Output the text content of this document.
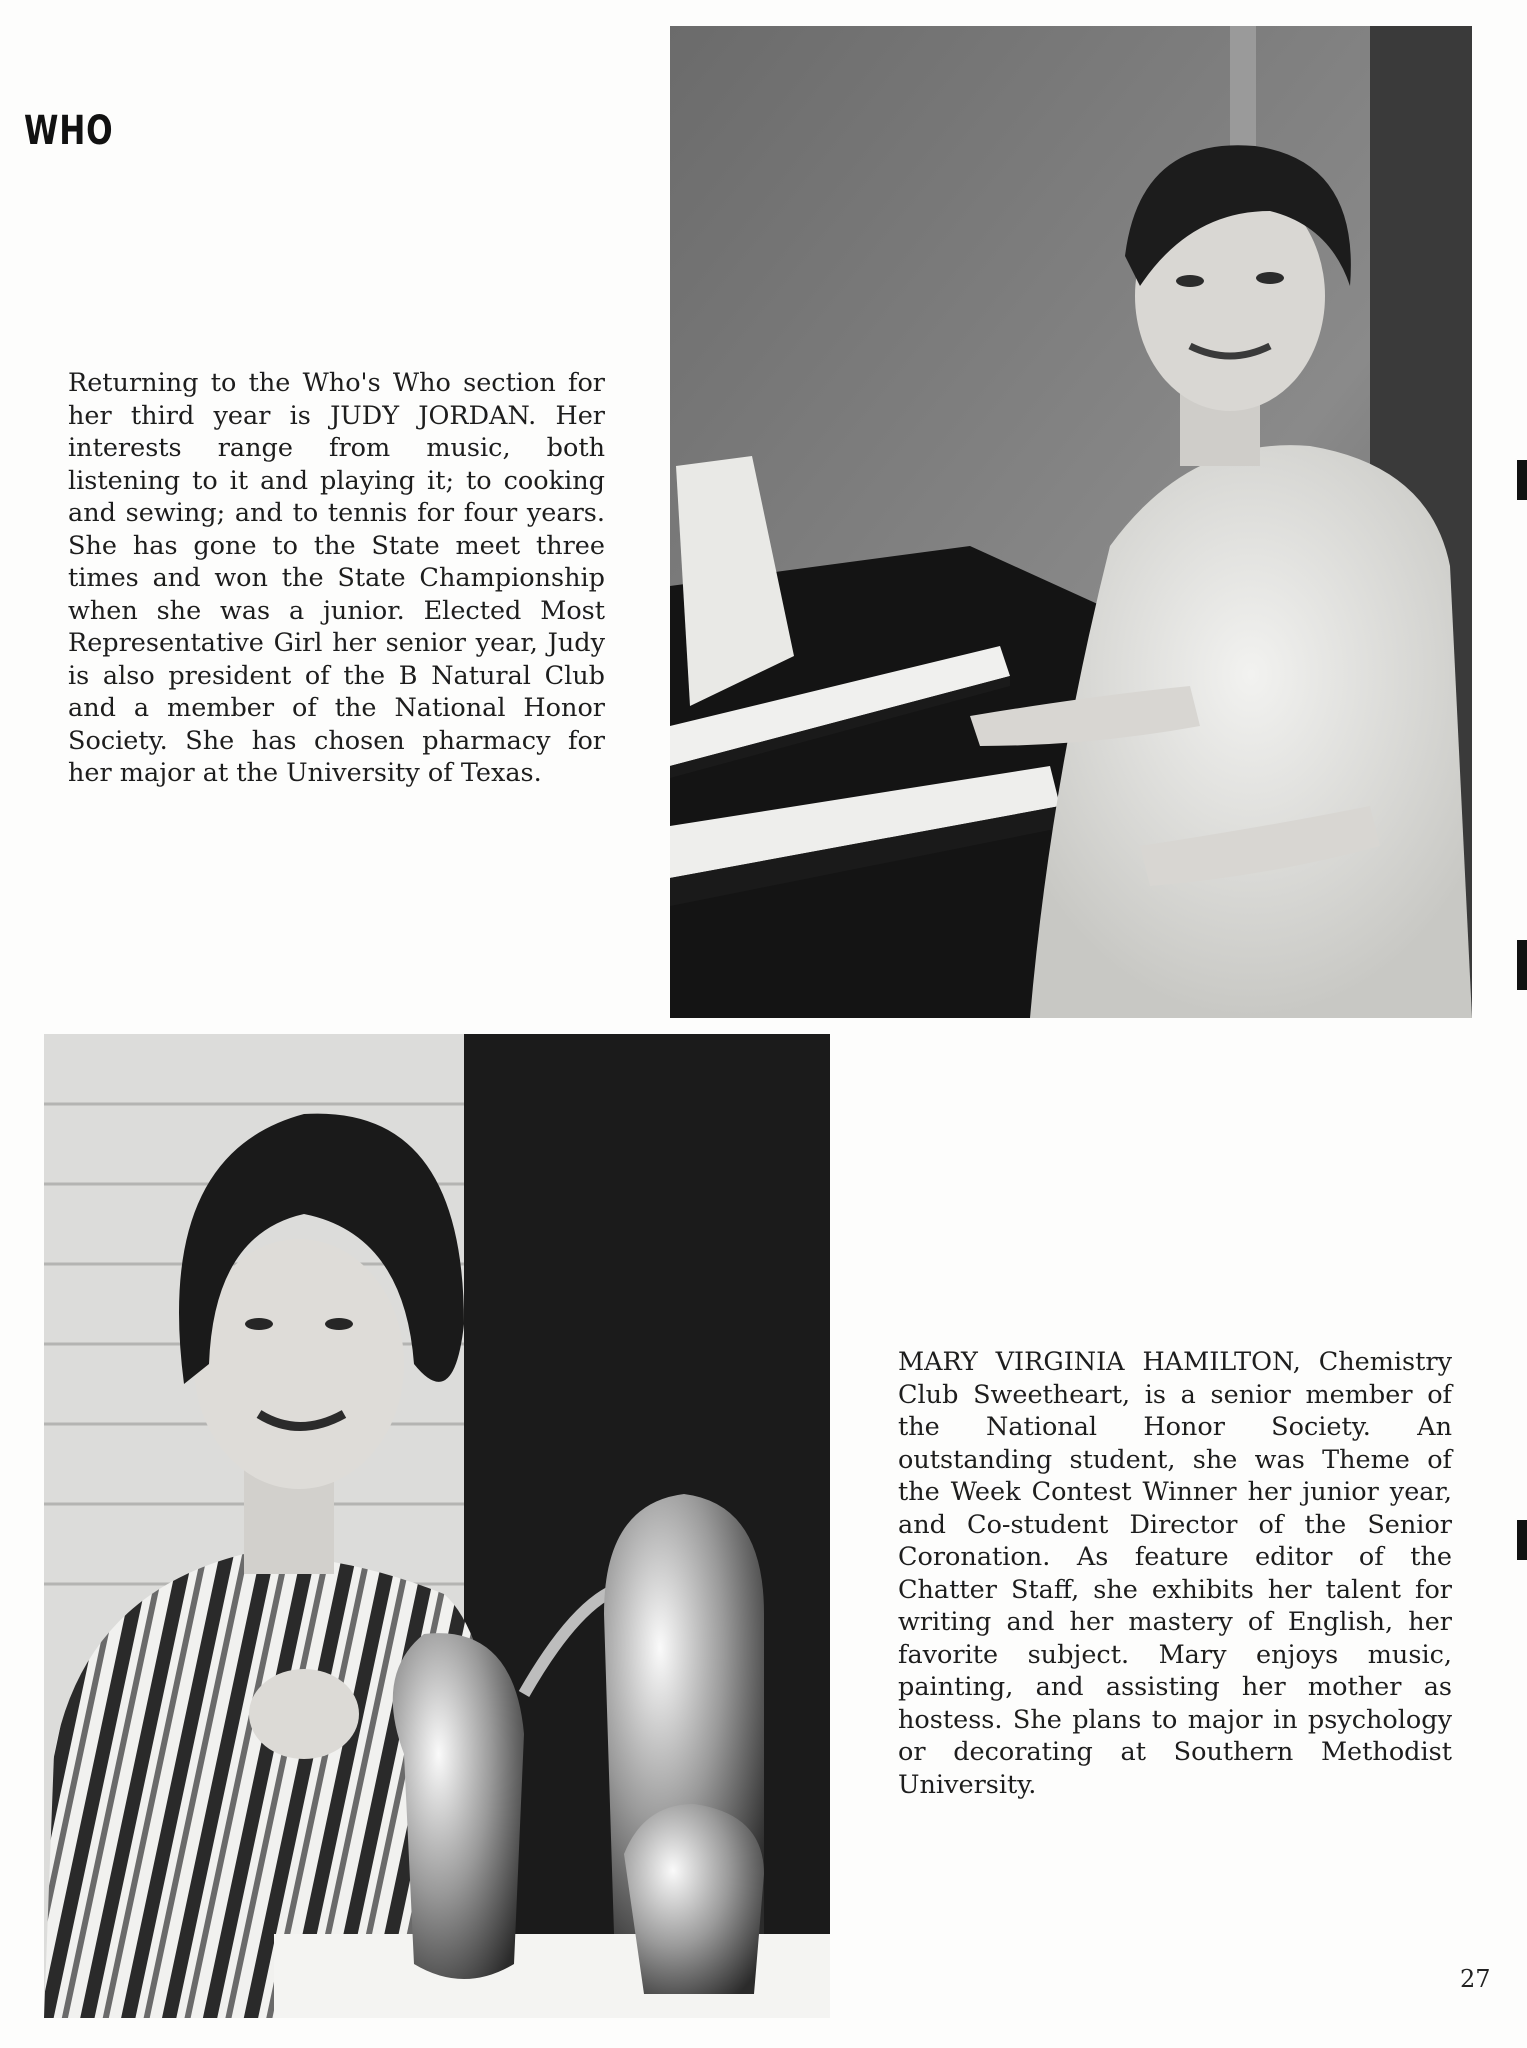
WHO
Returning to the Who's Who section for her third year is JUDY JORDAN. Her interests range from music, both listening to it and playing it; to cooking and sewing; and to tennis for four years. She has gone to the State meet three times and won the State Championship when she was a junior. Elected Most Representative Girl her senior year, Judy is also president of the B Natural Club and a member of the National Honor Society. She has chosen pharmacy for her major at the University of Texas.
MARY VIRGINIA HAMILTON, Chemistry Club Sweetheart, is a senior member of the National Honor Society. An outstanding student, she was Theme of the Week Contest Winner her junior year, and Co-student Director of the Senior Coronation. As feature editor of the Chatter Staff, she exhibits her talent for writing and her mastery of English, her favorite subject. Mary enjoys music, painting, and assisting her mother as hostess. She plans to major in psychology or decorating at Southern Methodist University.
27
